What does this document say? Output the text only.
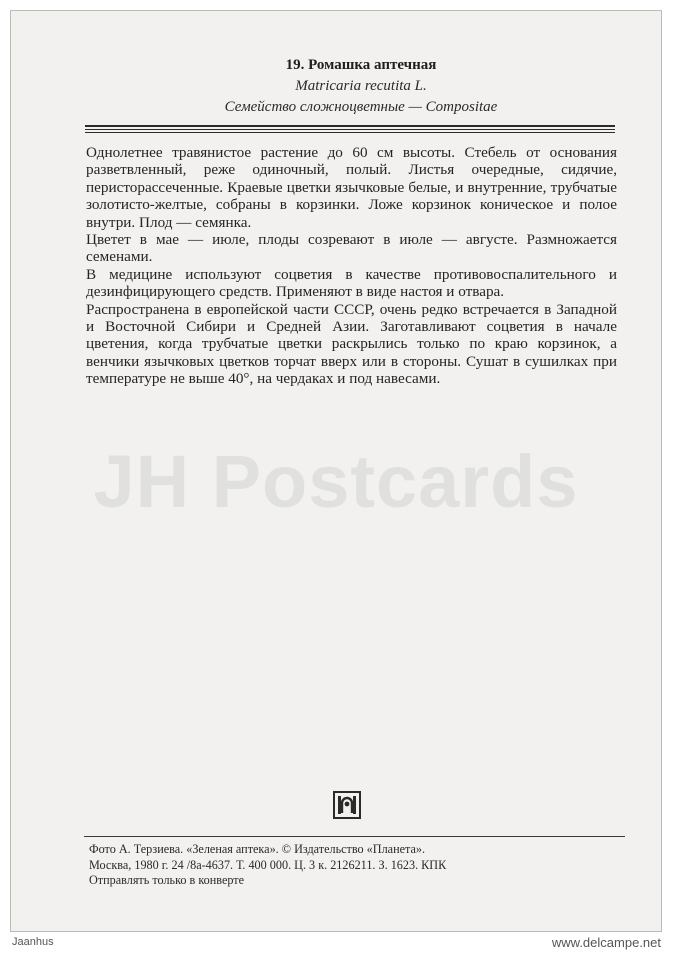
19. Ромашка аптечная
Matricaria recutita L.
Семейство сложноцветные — Compositae

Однолетнее травянистое растение до 60 см высоты. Стебель от основания разветвленный, реже одиночный, полый. Листья очередные, сидячие, перисторассеченные. Краевые цветки язычковые белые, и внутренние, трубчатые золотисто-желтые, собраны в корзинки. Ложе корзинок коническое и полое внутри. Плод — семянка.

Цветет в мае — июле, плоды созревают в июле — августе. Размножается семенами.

В медицине используют соцветия в качестве противовоспалительного и дезинфицирующего средств. Применяют в виде настоя и отвара.

Распространена в европейской части СССР, очень редко встречается в Западной и Восточной Сибири и Средней Азии. Заготавливают соцветия в начале цветения, когда трубчатые цветки раскрылись только по краю корзинок, а венчики язычковых цветков торчат вверх или в стороны. Сушат в сушилках при температуре не выше 40°, на чердаках и под навесами.

JH Postcards
Фото А. Терзиева. «Зеленая аптека». © Издательство «Планета».
Москва, 1980 г. 24 /8а-4637. Т. 400 000. Ц. 3 к. 2126211. З. 1623. КПК
Отправлять только в конверте
Jaanhus	www.delcampe.net
